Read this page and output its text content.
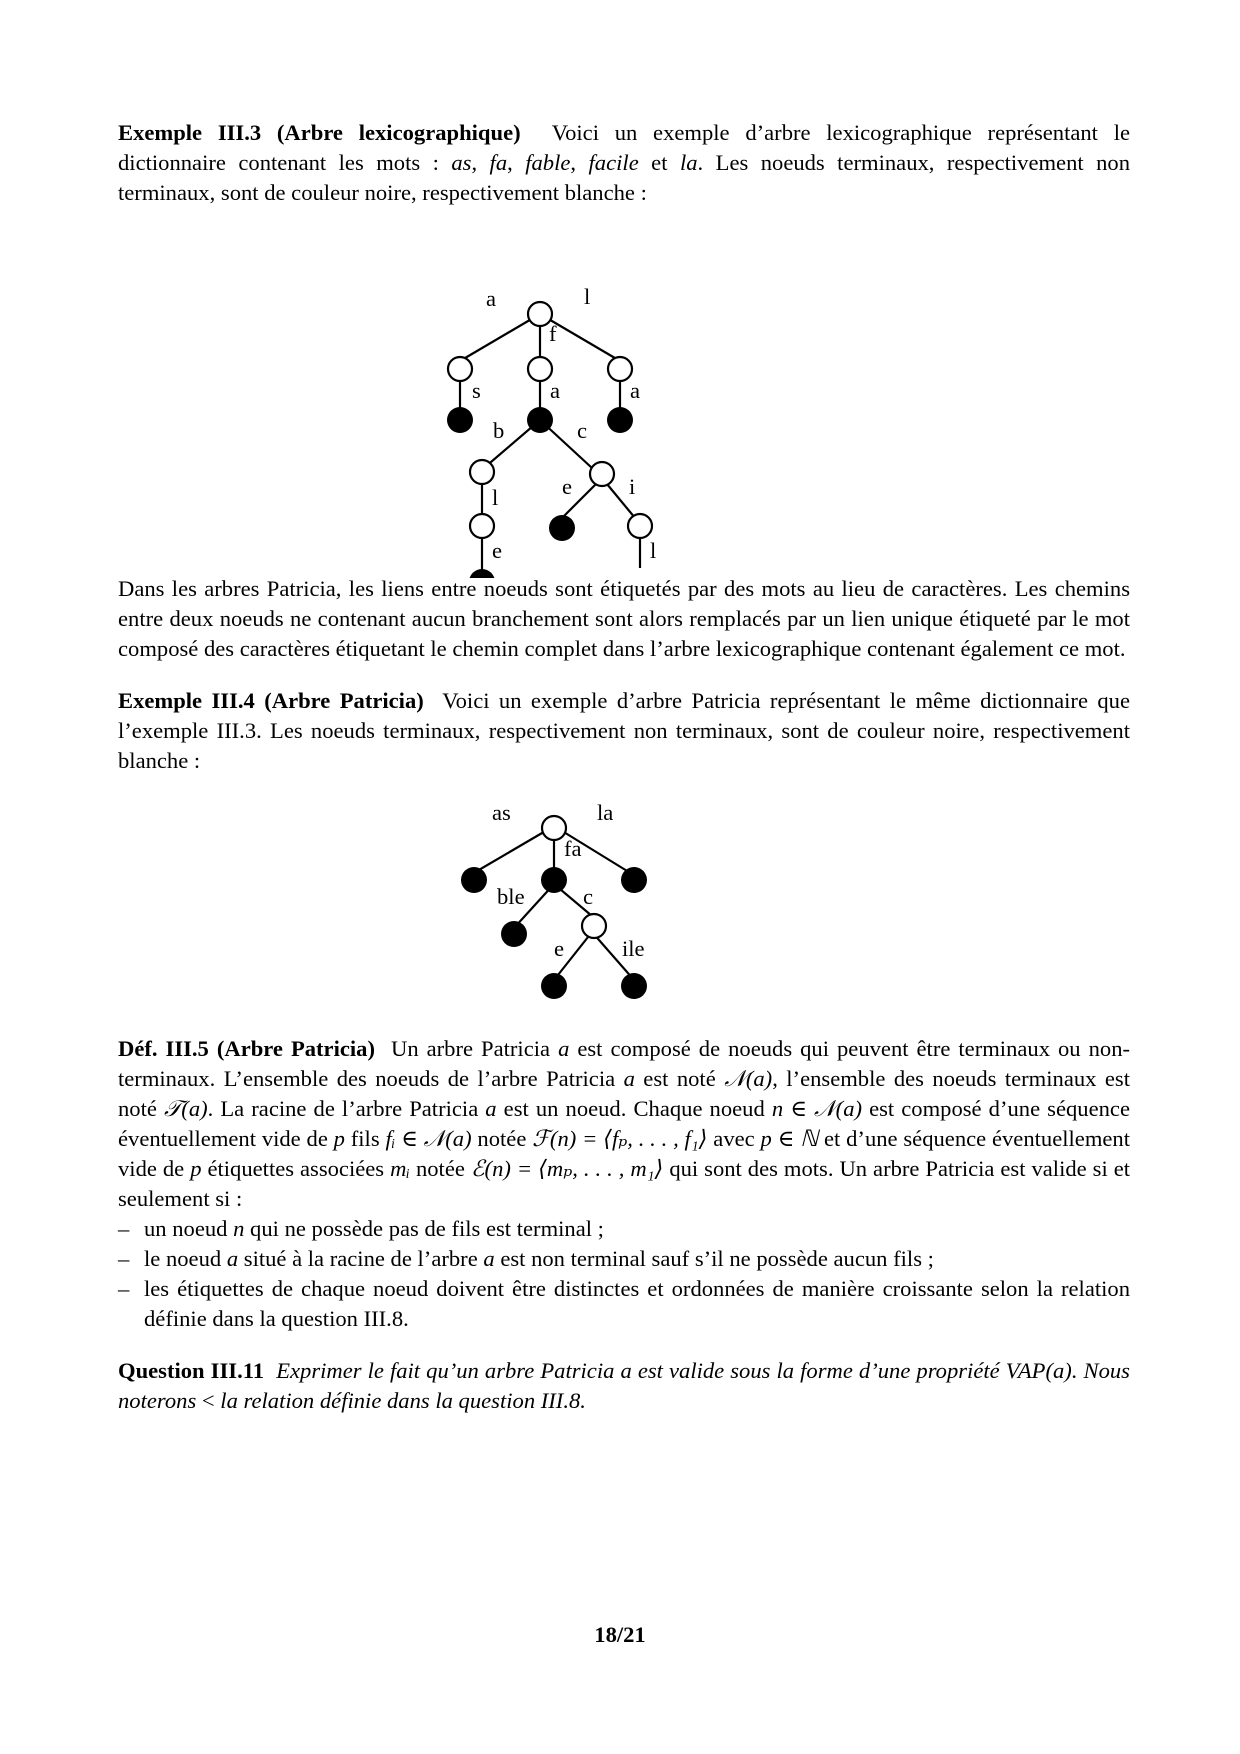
Exemple III.3 (Arbre lexicographique) Voici un exemple d’arbre lexicographique représentant le dictionnaire contenant les mots : as, fa, fable, facile et la. Les noeuds terminaux, respectivement non terminaux, sont de couleur noire, respectivement blanche :

a
f
l
s	a	a
b	c
l	e	i
e	l

Dans les arbres Patricia, les liens entre noeuds sont étiquetés par des mots au lieu de caractères. Les chemins entre deux noeuds ne contenant aucun branchement sont alors remplacés par un lien unique étiqueté par le mot composé des caractères étiquetant le chemin complet dans l’arbre lexicographique contenant également ce mot.

Exemple III.4 (Arbre Patricia) Voici un exemple d’arbre Patricia représentant le même dictionnaire que l’exemple III.3. Les noeuds terminaux, respectivement non terminaux, sont de couleur noire, respectivement blanche :

as
fa
la
ble	c
e	ile

Déf. III.5 (Arbre Patricia) Un arbre Patricia a est composé de noeuds qui peuvent être terminaux ou non-terminaux. L’ensemble des noeuds de l’arbre Patricia a est noté 𝒩(a), l’ensemble des noeuds terminaux est noté 𝒯(a). La racine de l’arbre Patricia a est un noeud. Chaque noeud n ∈ 𝒩(a) est composé d’une séquence éventuellement vide de p fils fᵢ ∈ 𝒩(a) notée ℱ(n) = ⟨fₚ, . . . , f₁⟩ avec p ∈ ℕ et d’une séquence éventuellement vide de p étiquettes associées mᵢ notée ℰ(n) = ⟨mₚ, . . . , m₁⟩ qui sont des mots. Un arbre Patricia est valide si et seulement si :

– un noeud n qui ne possède pas de fils est terminal ;
– le noeud a situé à la racine de l’arbre a est non terminal sauf s’il ne possède aucun fils ;
– les étiquettes de chaque noeud doivent être distinctes et ordonnées de manière croissante selon la relation définie dans la question III.8.

Question III.11 Exprimer le fait qu’un arbre Patricia a est valide sous la forme d’une propriété VAP(a). Nous noterons < la relation définie dans la question III.8.

18/21
